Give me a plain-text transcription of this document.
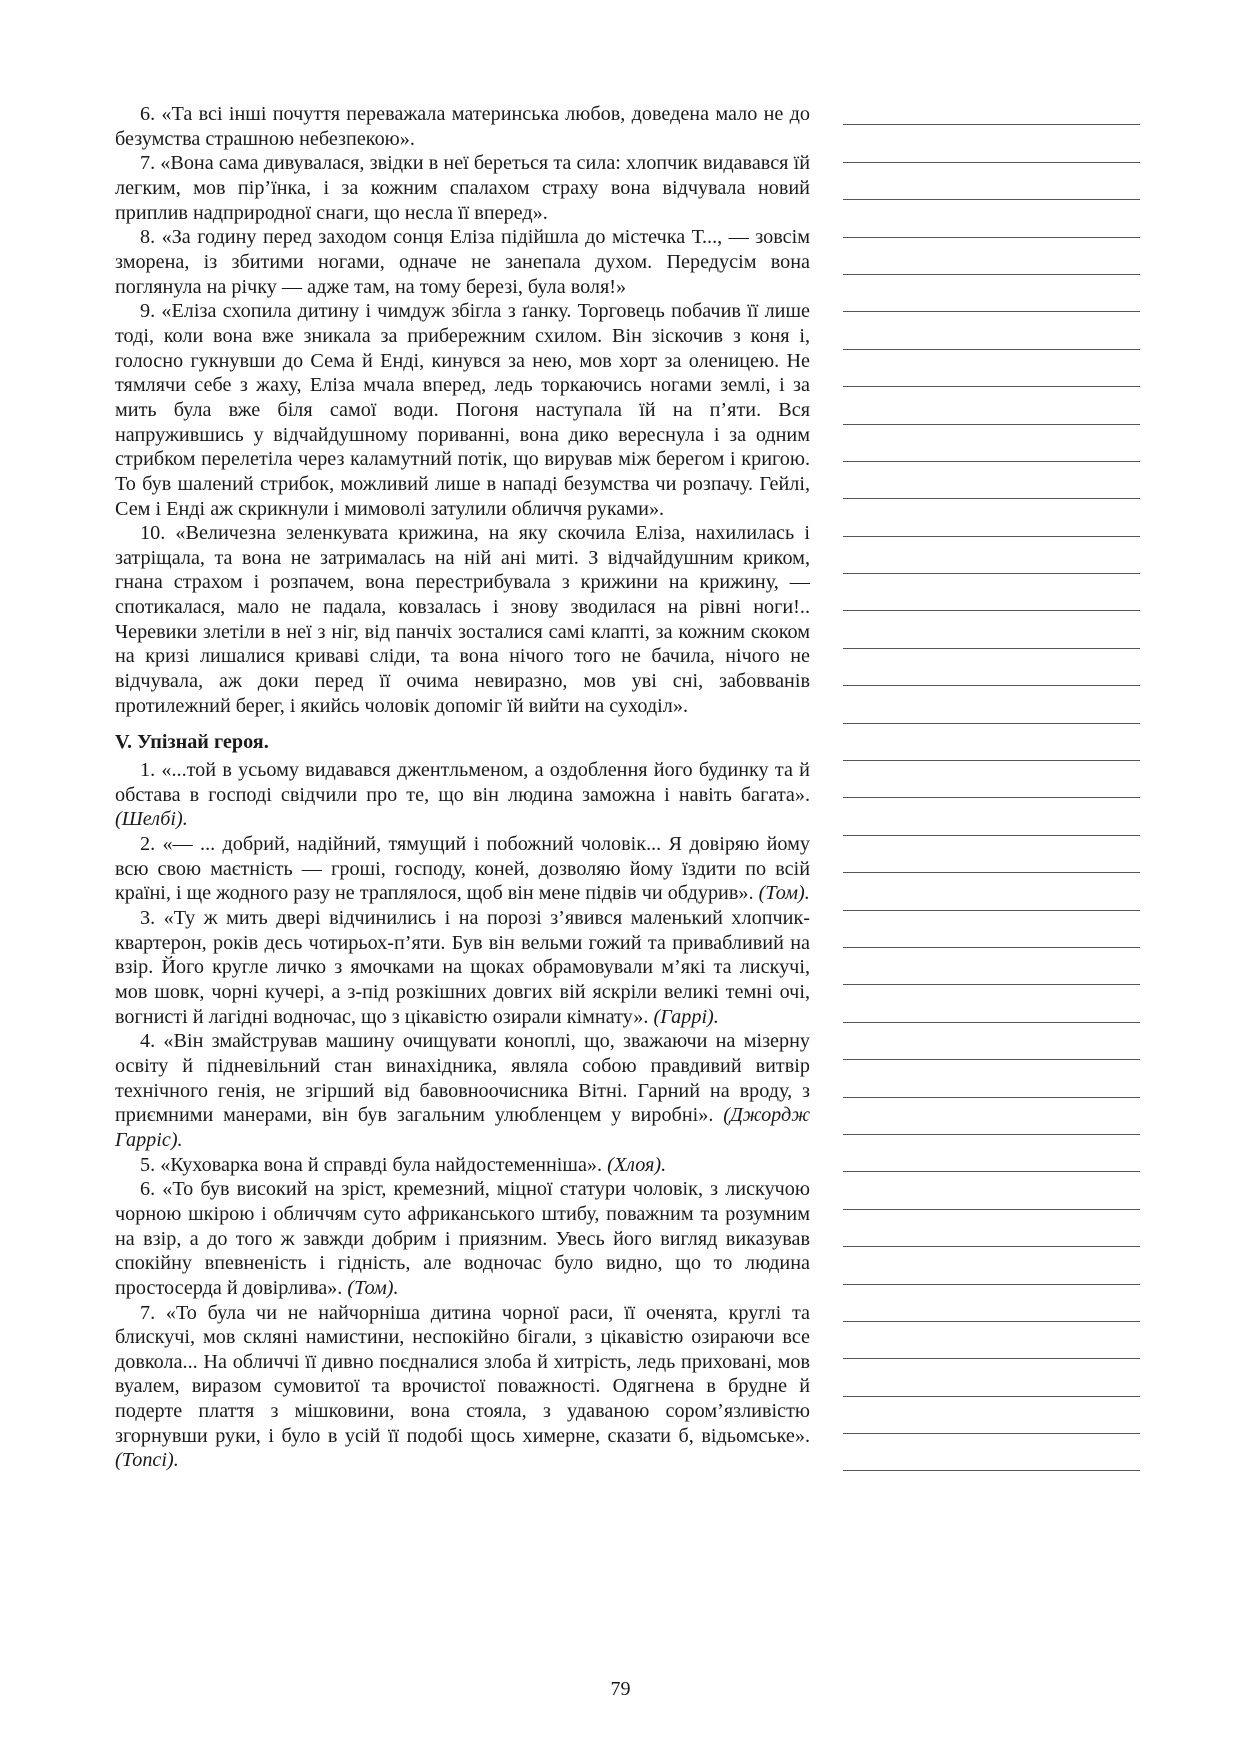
6. «Та всі інші почуття переважала материнська любов, доведена мало не до безумства страшною небезпекою».

7. «Вона сама дивувалася, звідки в неї береться та сила: хлопчик видавався їй легким, мов пір’їнка, і за кожним спалахом страху вона відчувала новий приплив надприродної снаги, що несла її вперед».

8. «За годину перед заходом сонця Еліза підійшла до містечка Т..., — зовсім зморена, із збитими ногами, одначе не занепала духом. Передусім вона поглянула на річку — адже там, на тому березі, була воля!»

9. «Еліза схопила дитину і чимдуж збігла з ґанку. Торговець побачив її лише тоді, коли вона вже зникала за прибережним схилом. Він зіскочив з коня і, голосно гукнувши до Сема й Енді, кинувся за нею, мов хорт за оленицею. Не тямлячи себе з жаху, Еліза мчала вперед, ледь торкаючись ногами землі, і за мить була вже біля самої води. Погоня наступала їй на п’яти. Вся напружившись у відчайдушному пориванні, вона дико вереснула і за одним стрибком перелетіла через каламутний потік, що вирував між берегом і кригою. То був шалений стрибок, можливий лише в нападі безумства чи розпачу. Гейлі, Сем і Енді аж скрикнули і мимоволі затулили обличчя руками».

10. «Величезна зеленкувата крижина, на яку скочила Еліза, нахилилась і затріщала, та вона не затрималась на ній ані миті. З відчайдушним криком, гнана страхом і розпачем, вона перестрибувала з крижини на крижину, — спотикалася, мало не падала, ковзалась і знову зводилася на рівні ноги!.. Черевики злетіли в неї з ніг, від панчіх зосталися самі клапті, за кожним скоком на кризі лишалися криваві сліди, та вона нічого того не бачила, нічого не відчувала, аж доки перед її очима невиразно, мов уві сні, забовванів протилежний берег, і якийсь чоловік допоміг їй вийти на суходіл».

V. Упізнай героя.

1. «...той в усьому видавався джентльменом, а оздоблення його будинку та й обстава в господі свідчили про те, що він людина заможна і навіть багата». (Шелбі).

2. «— ... добрий, надійний, тямущий і побожний чоловік... Я довіряю йому всю свою маєтність — гроші, господу, коней, дозволяю йому їздити по всій країні, і ще жодного разу не траплялося, щоб він мене підвів чи обдурив». (Том).

3. «Ту ж мить двері відчинились і на порозі з’явився маленький хлопчик-квартерон, років десь чотирьох-п’яти. Був він вельми гожий та привабливий на взір. Його кругле личко з ямочками на щоках обрамовували м’які та лискучі, мов шовк, чорні кучері, а з-під розкішних довгих вій яскріли великі темні очі, вогнисті й лагідні водночас, що з цікавістю озирали кімнату». (Гаррі).

4. «Він змайстрував машину очищувати коноплі, що, зважаючи на мізерну освіту й підневільний стан винахідника, являла собою правдивий витвір технічного генія, не згірший від бавовноочисника Вітні. Гарний на вроду, з приємними манерами, він був загальним улюбленцем у виробні». (Джордж Гарріс).

5. «Куховарка вона й справді була найдостеменніша». (Хлоя).

6. «То був високий на зріст, кремезний, міцної статури чоловік, з лискучою чорною шкірою і обличчям суто африканського штибу, поважним та розумним на взір, а до того ж завжди добрим і приязним. Увесь його вигляд виказував спокійну впевненість і гідність, але водночас було видно, що то людина простосерда й довірлива». (Том).

7. «То була чи не найчорніша дитина чорної раси, її оченята, круглі та блискучі, мов скляні намистини, неспокійно бігали, з цікавістю озираючи все довкола... На обличчі її дивно поєдналися злоба й хитрість, ледь приховані, мов вуалем, виразом сумовитої та врочистої поважності. Одягнена в брудне й подерте плаття з мішковини, вона стояла, з удаваною сором’язливістю згорнувши руки, і було в усій її подобі щось химерне, сказати б, відьомське». (Топсі).

79
